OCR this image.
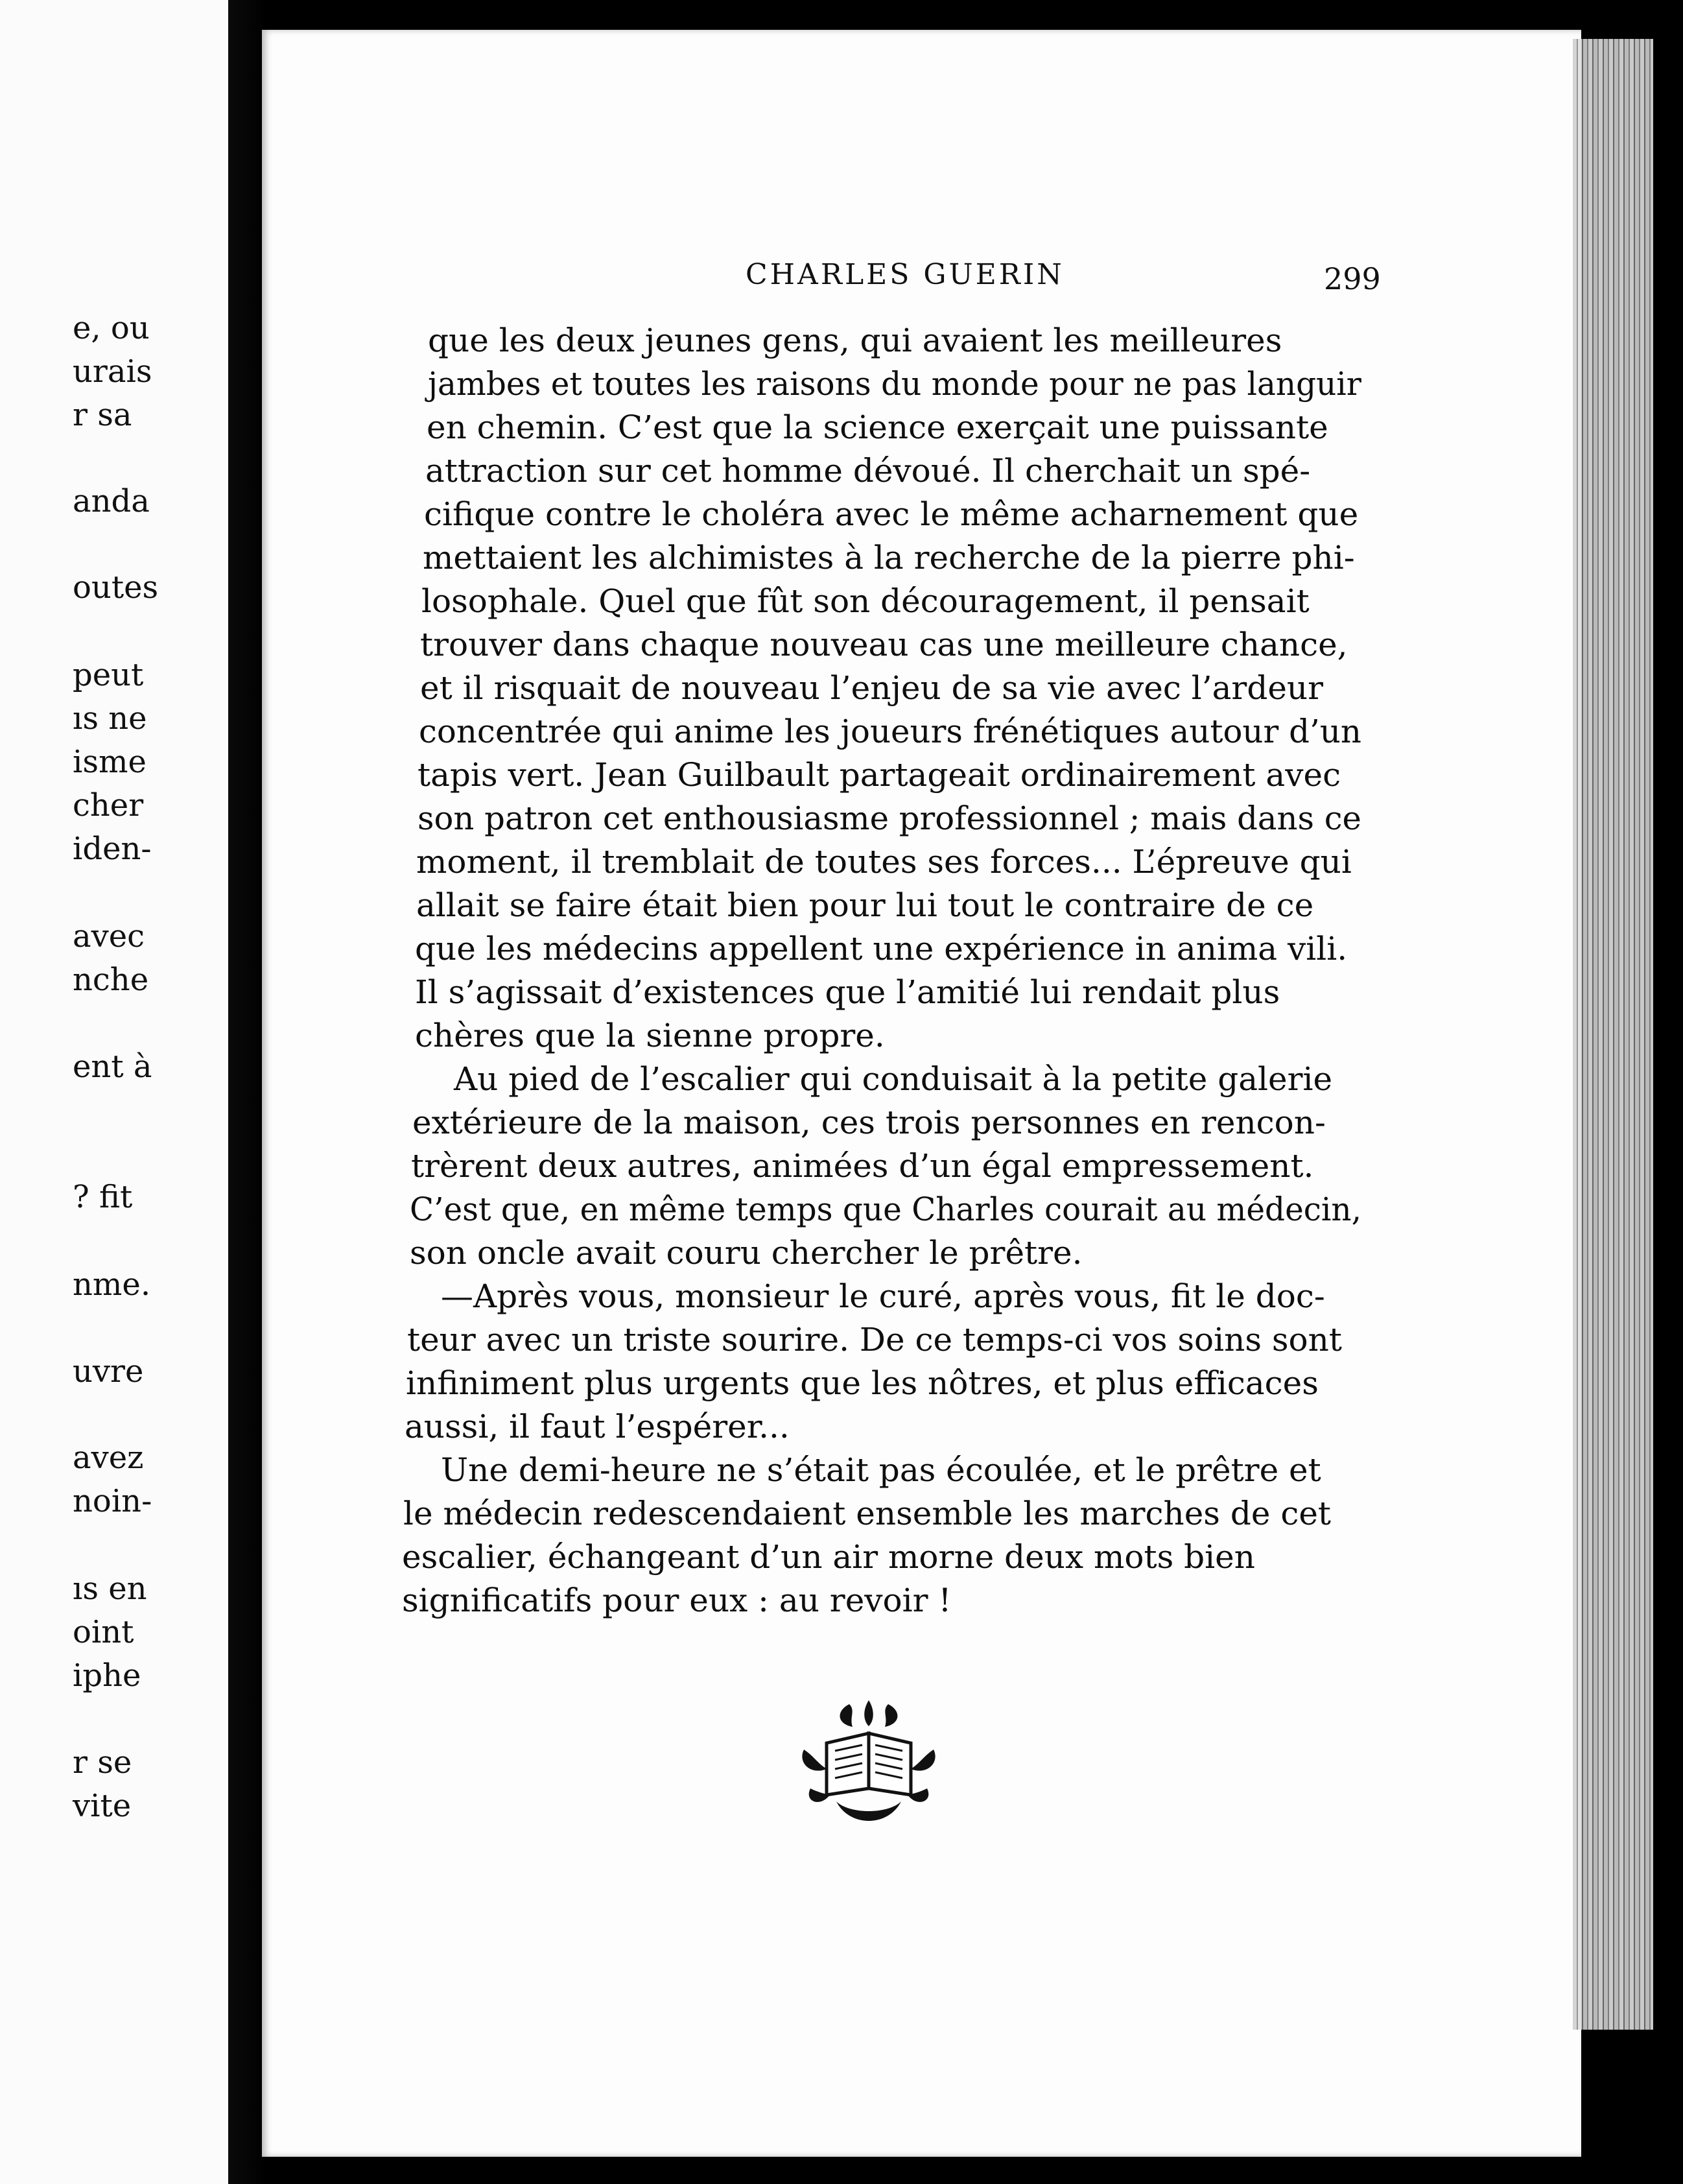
e, ou
urais
r sa
anda
outes
peut
ıs ne
isme
cher
iden-
avec
nche
ent à
? fit
nme.
uvre
avez
noin-
ıs en
oint
iphe
r se
vite
CHARLES GUERIN	299
que les deux jeunes gens, qui avaient les meilleures
jambes et toutes les raisons du monde pour ne pas languir
en chemin. C’est que la science exerçait une puissante
attraction sur cet homme dévoué. Il cherchait un spé-
cifique contre le choléra avec le même acharnement que
mettaient les alchimistes à la recherche de la pierre phi-
losophale. Quel que fût son découragement, il pensait
trouver dans chaque nouveau cas une meilleure chance,
et il risquait de nouveau l’enjeu de sa vie avec l’ardeur
concentrée qui anime les joueurs frénétiques autour d’un
tapis vert. Jean Guilbault partageait ordinairement avec
son patron cet enthousiasme professionnel ; mais dans ce
moment, il tremblait de toutes ses forces... L’épreuve qui
allait se faire était bien pour lui tout le contraire de ce
que les médecins appellent une expérience in anima vili.
Il s’agissait d’existences que l’amitié lui rendait plus
chères que la sienne propre.
Au pied de l’escalier qui conduisait à la petite galerie
extérieure de la maison, ces trois personnes en rencon-
trèrent deux autres, animées d’un égal empressement.
C’est que, en même temps que Charles courait au médecin,
son oncle avait couru chercher le prêtre.
—Après vous, monsieur le curé, après vous, fit le doc-
teur avec un triste sourire. De ce temps-ci vos soins sont
infiniment plus urgents que les nôtres, et plus efficaces
aussi, il faut l’espérer...
Une demi-heure ne s’était pas écoulée, et le prêtre et
le médecin redescendaient ensemble les marches de cet
escalier, échangeant d’un air morne deux mots bien
significatifs pour eux : au revoir !
